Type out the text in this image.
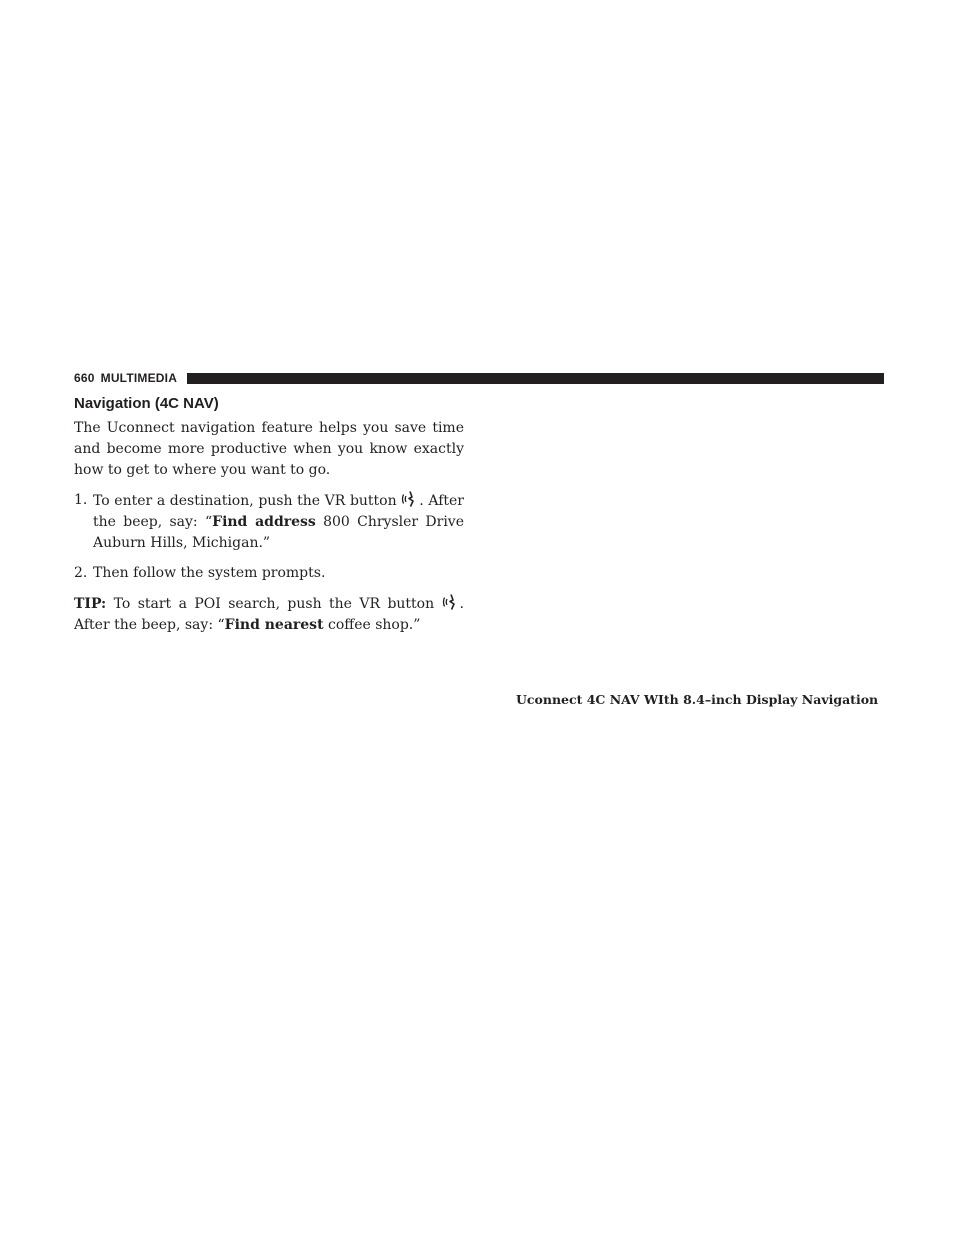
660 MULTIMEDIA
Navigation (4C NAV)

The Uconnect navigation feature helps you save time and become more productive when you know exactly how to get to where you want to go.

1. To enter a destination, push the VR button . After the beep, say: “Find address 800 Chrysler Drive Auburn Hills, Michigan.”

2. Then follow the system prompts.

TIP: To start a POI search, push the VR button . After the beep, say: “Find nearest coffee shop.”

Uconnect 4C NAV WIth 8.4–inch Display Navigation
